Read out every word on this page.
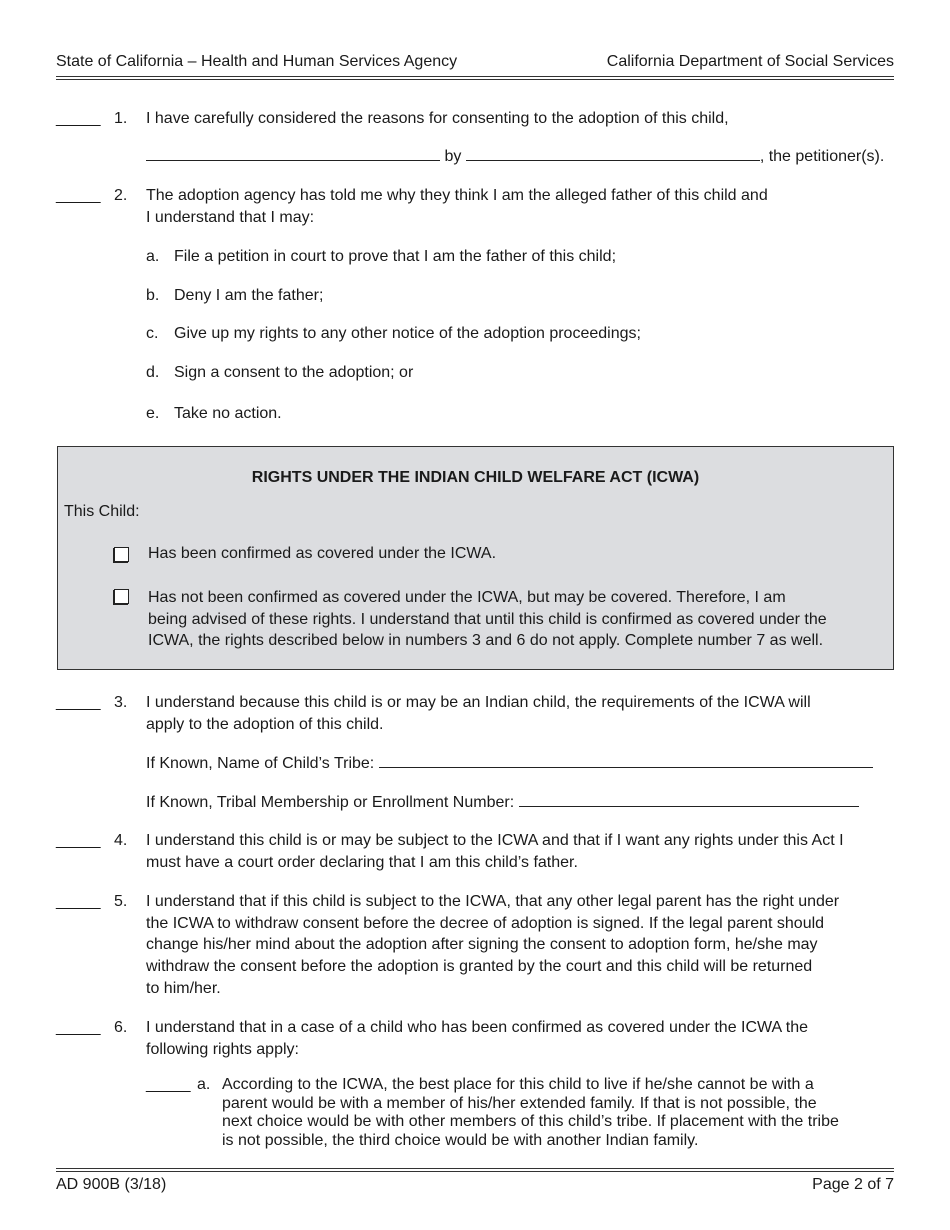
State of California – Health and Human Services Agency	California Department of Social Services
_____ 1. I have carefully considered the reasons for consenting to the adoption of this child,
by	, the petitioner(s).
_____ 2. The adoption agency has told me why they think I am the alleged father of this child and
I understand that I may:
a. File a petition in court to prove that I am the father of this child;
b. Deny I am the father;
c. Give up my rights to any other notice of the adoption proceedings;
d. Sign a consent to the adoption; or
e. Take no action.
RIGHTS UNDER THE INDIAN CHILD WELFARE ACT (ICWA)
This Child:
Has been confirmed as covered under the ICWA.
Has not been confirmed as covered under the ICWA, but may be covered. Therefore, I am
being advised of these rights. I understand that until this child is confirmed as covered under the
ICWA, the rights described below in numbers 3 and 6 do not apply. Complete number 7 as well.
_____ 3. I understand because this child is or may be an Indian child, the requirements of the ICWA will
apply to the adoption of this child.
If Known, Name of Child’s Tribe:
If Known, Tribal Membership or Enrollment Number:
_____ 4. I understand this child is or may be subject to the ICWA and that if I want any rights under this Act I
must have a court order declaring that I am this child’s father.
_____ 5. I understand that if this child is subject to the ICWA, that any other legal parent has the right under
the ICWA to withdraw consent before the decree of adoption is signed. If the legal parent should
change his/her mind about the adoption after signing the consent to adoption form, he/she may
withdraw the consent before the adoption is granted by the court and this child will be returned
to him/her.
_____ 6. I understand that in a case of a child who has been confirmed as covered under the ICWA the
following rights apply:
_____ a. According to the ICWA, the best place for this child to live if he/she cannot be with a
parent would be with a member of his/her extended family. If that is not possible, the
next choice would be with other members of this child’s tribe. If placement with the tribe
is not possible, the third choice would be with another Indian family.
AD 900B (3/18)	Page 2 of 7
